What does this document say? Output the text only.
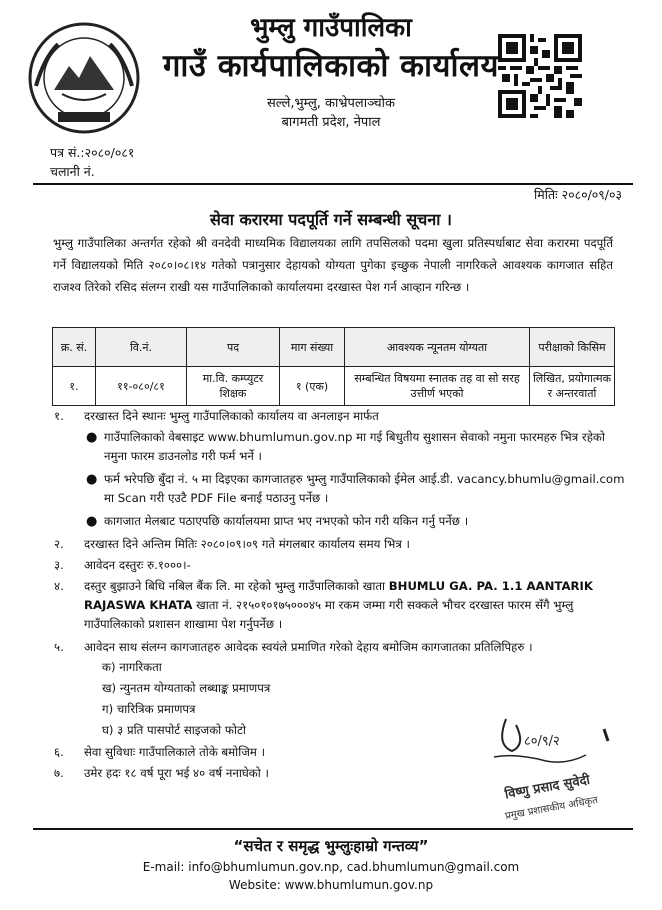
भुम्लु गाउँपालिका
गाउँ कार्यपालिकाको कार्यालय
सल्ले,भुम्लु, काभ्रेपलाञ्चोक
बागमती प्रदेश, नेपाल
पत्र सं.:२०८०/०८१
चलानी नं.
मितिः २०८०/०९/०३
सेवा करारमा पदपूर्ति गर्ने सम्बन्धी सूचना ।
भुम्लु गाउँपालिका अन्तर्गत रहेको श्री वनदेवी माध्यमिक विद्यालयका लागि तपसिलको पदमा खुला प्रतिस्पर्धाबाट सेवा करारमा पदपूर्ति गर्ने विद्यालयको मिति २०८०।०८।१४ गतेको पत्रानुसार देहायको योग्यता पुगेका इच्छुक नेपाली नागरिकले आवश्यक कागजात सहित राजश्व तिरेको रसिद संलग्न राखी यस गाउँपालिकाको कार्यालयमा दरखास्त पेश गर्न आव्हान गरिन्छ ।
क्र. सं.	वि.नं.	पद	माग संख्या	आवश्यक न्यूनतम योग्यता	परीक्षाको किसिम
१.	११-०८०/८१	मा.वि. कम्प्युटर शिक्षक	१ (एक)	सम्बन्धित विषयमा स्नातक तह वा सो सरह उत्तीर्ण भएको	लिखित, प्रयोगात्मक र अन्तरवार्ता
१. दरखास्त दिने स्थानः भुम्लु गाउँपालिकाको कार्यालय वा अनलाइन मार्फत
● गाउँपालिकाको वेबसाइट www.bhumlumun.gov.np मा गई बिधुतीय सुशासन सेवाको नमुना फारमहरु भित्र रहेको नमुना फारम डाउनलोड गरी फर्म भर्ने ।
● फर्म भरेपछि बुँदा नं. ५ मा दिइएका कागजातहरु भुम्लु गाउँपालिकाको ईमेल आई.डी. vacancy.bhumlu@gmail.com मा Scan गरी एउटै PDF File बनाई पठाउनु पर्नेछ ।
● कागजात मेलबाट पठाएपछि कार्यालयमा प्राप्त भए नभएको फोन गरी यकिन गर्नु पर्नेछ ।
२. दरखास्त दिने अन्तिम मितिः २०८०।०९।०९ गते मंगलबार कार्यालय समय भित्र ।
३. आवेदन दस्तुरः रु.१०००।-
४. दस्तुर बुझाउने बिधि नबिल बैंक लि. मा रहेको भुम्लु गाउँपालिकाको खाता BHUMLU GA. PA. 1.1 AANTARIK RAJASWA KHATA खाता नं. २१५०१०१७५०००४५ मा रकम जम्मा गरी सक्कले भौचर दरखास्त फारम सँगै भुम्लु गाउँपालिकाको प्रशासन शाखामा पेश गर्नुपर्नेछ ।
५. आवेदन साथ संलग्न कागजातहरु आवेदक स्वयंले प्रमाणित गरेको देहाय बमोजिम कागजातका प्रतिलिपिहरु ।
क) नागरिकता
ख) न्युनतम योग्यताको लब्धाङ्क प्रमाणपत्र
ग) चारित्रिक प्रमाणपत्र
घ) ३ प्रति पासपोर्ट साइजको फोटो
६. सेवा सुविधाः गाउँपालिकाले तोके बमोजिम ।
७. उमेर हदः १८ वर्ष पूरा भई ४० वर्ष ननाघेको ।
८०/९/२
विष्णु प्रसाद सुवेदी
प्रमुख प्रशासकीय अधिकृत
“सचेत र समृद्ध भुम्लुःहाम्रो गन्तव्य”
E-mail: info@bhumlumun.gov.np, cad.bhumlumun@gmail.com
Website: www.bhumlumun.gov.np
